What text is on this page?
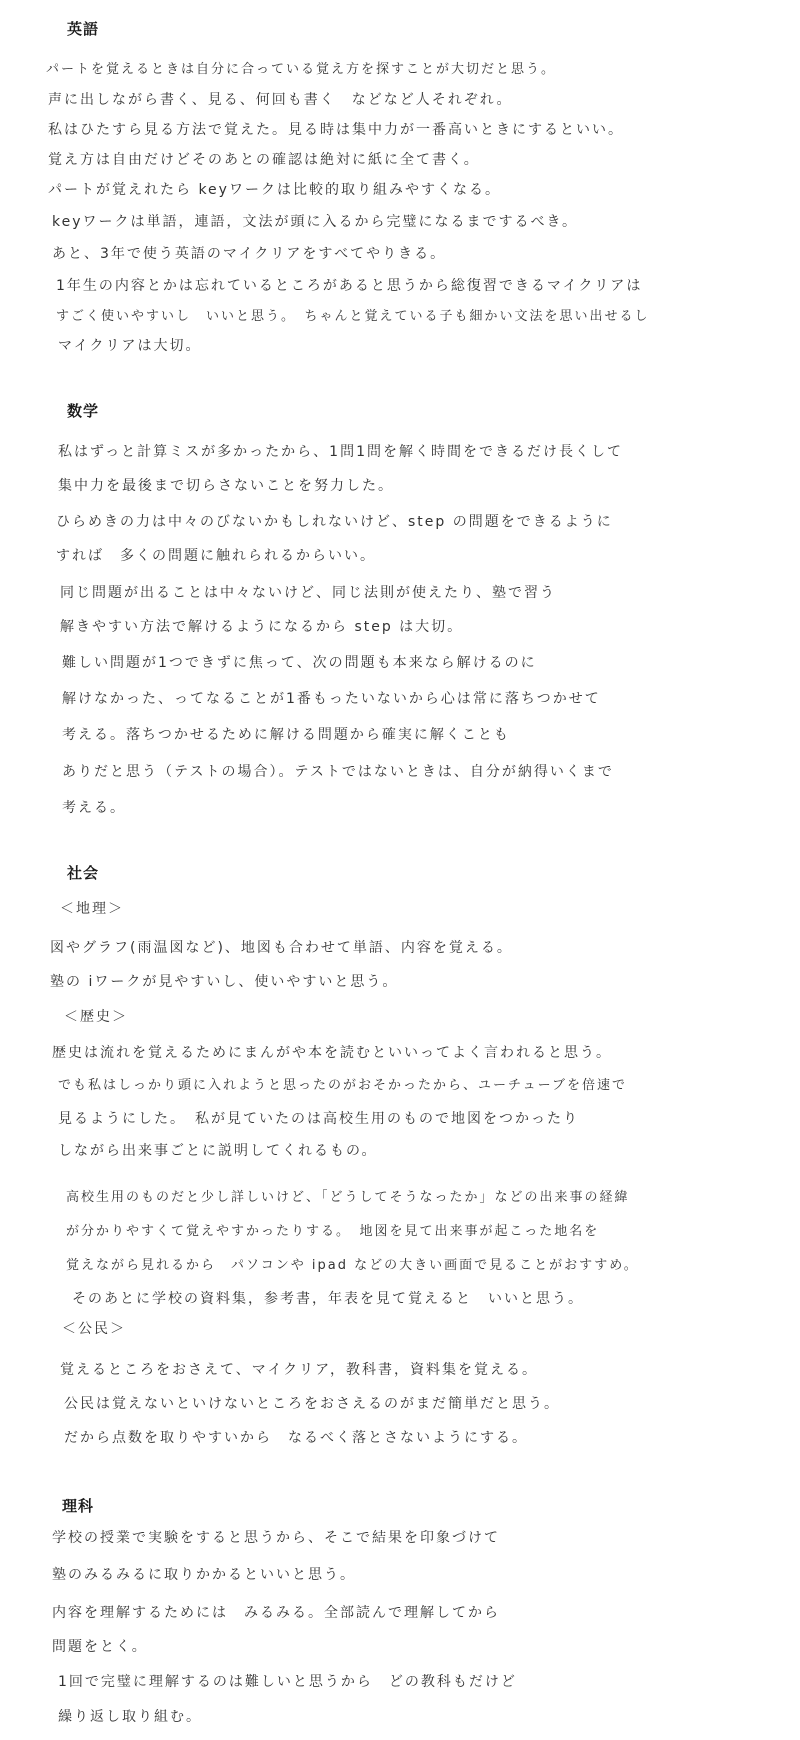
英語
パートを覚えるときは自分に合っている覚え方を探すことが大切だと思う。
声に出しながら書く、見る、何回も書く　などなど人それぞれ。
私はひたすら見る方法で覚えた。見る時は集中力が一番高いときにするといい。
覚え方は自由だけどそのあとの確認は絶対に紙に全て書く。
パートが覚えれたら keyワークは比較的取り組みやすくなる。
keyワークは単語，連語，文法が頭に入るから完璧になるまでするべき。
あと、3年で使う英語のマイクリアをすべてやりきる。
1年生の内容とかは忘れているところがあると思うから総復習できるマイクリアは
すごく使いやすいし　いいと思う。　ちゃんと覚えている子も細かい文法を思い出せるし
マイクリアは大切。
数学
私はずっと計算ミスが多かったから、1問1問を解く時間をできるだけ長くして
集中力を最後まで切らさないことを努力した。
ひらめきの力は中々のびないかもしれないけど、step の問題をできるように
すれば　多くの問題に触れられるからいい。
同じ問題が出ることは中々ないけど、同じ法則が使えたり、塾で習う
解きやすい方法で解けるようになるから step は大切。
難しい問題が1つできずに焦って、次の問題も本来なら解けるのに
解けなかった、ってなることが1番もったいないから心は常に落ちつかせて
考える。落ちつかせるために解ける問題から確実に解くことも
ありだと思う（テストの場合）。テストではないときは、自分が納得いくまで
考える。
社会
＜地理＞
図やグラフ(雨温図など)、地図も合わせて単語、内容を覚える。
塾の iワークが見やすいし、使いやすいと思う。
＜歴史＞
歴史は流れを覚えるためにまんがや本を読むといいってよく言われると思う。
でも私はしっかり頭に入れようと思ったのがおそかったから、ユーチューブを倍速で
見るようにした。　私が見ていたのは高校生用のもので地図をつかったり
しながら出来事ごとに説明してくれるもの。
高校生用のものだと少し詳しいけど、「どうしてそうなったか」などの出来事の経緯
が分かりやすくて覚えやすかったりする。　地図を見て出来事が起こった地名を
覚えながら見れるから　パソコンや ipad などの大きい画面で見ることがおすすめ。
そのあとに学校の資料集，参考書，年表を見て覚えると　いいと思う。
＜公民＞
覚えるところをおさえて、マイクリア，教科書，資料集を覚える。
公民は覚えないといけないところをおさえるのがまだ簡単だと思う。
だから点数を取りやすいから　なるべく落とさないようにする。
理科
学校の授業で実験をすると思うから、そこで結果を印象づけて
塾のみるみるに取りかかるといいと思う。
内容を理解するためには　みるみる。全部読んで理解してから
問題をとく。
1回で完璧に理解するのは難しいと思うから　どの教科もだけど
繰り返し取り組む。
